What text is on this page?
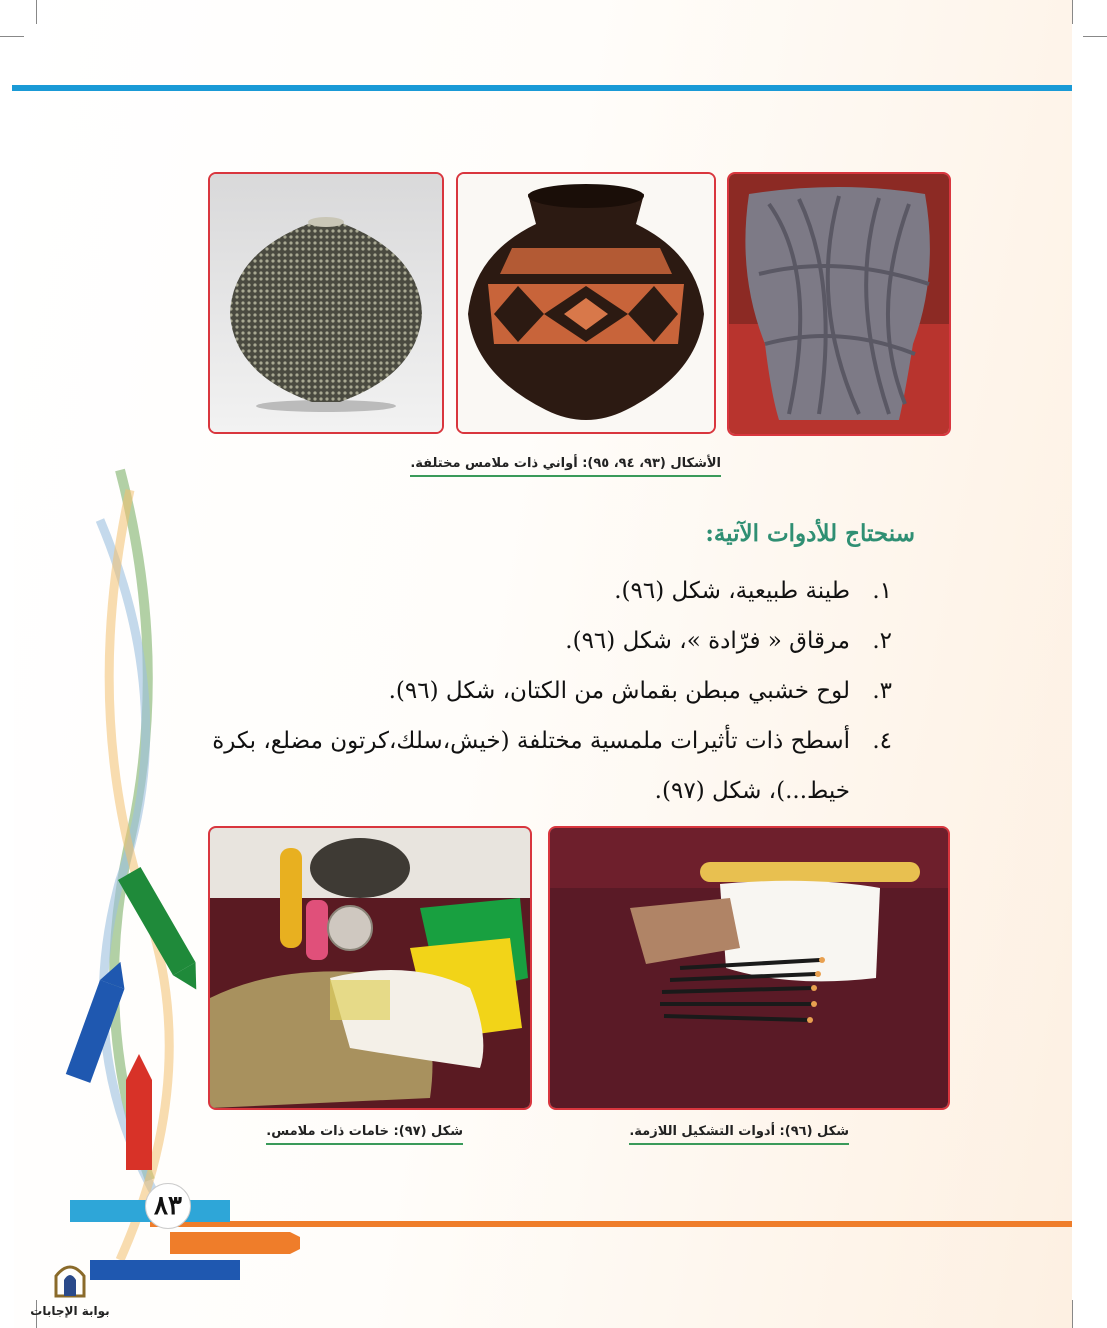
الأشكال (٩٣، ٩٤، ٩٥): أواني ذات ملامس مختلفة.
سنحتاج للأدوات الآتية:
١.
طينة طبيعية، شكل (٩٦).
٢.
مرقاق « فرّادة »، شكل (٩٦).
٣.
لوح خشبي مبطن بقماش من الكتان، شكل (٩٦).
٤.
أسطح ذات تأثيرات ملمسية مختلفة (خيش،سلك،كرتون مضلع، بكرة خيط...)، شكل (٩٧).
شكل (٩٦): أدوات التشكيل اللازمة.
شكل (٩٧): خامات ذات ملامس.
٨٣
بوابة الإجابات
